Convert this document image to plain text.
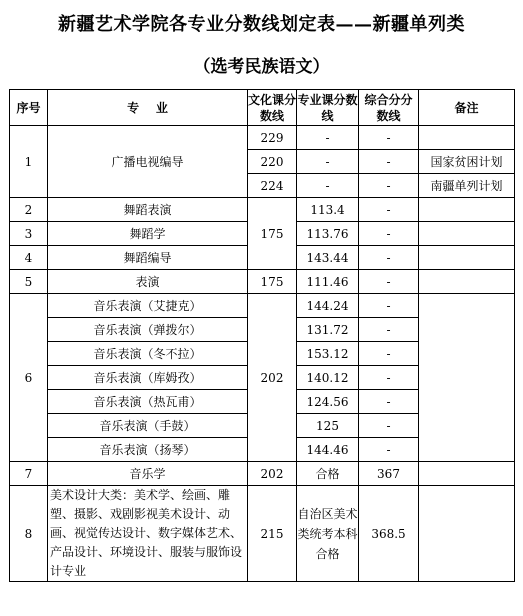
新疆艺术学院各专业分数线划定表——新疆单列类
（选考民族语文）
序号	专    业	文化课分数线	专业课分数线	综合分分数线	备注
1	广播电视编导	229	-	-	
		220	-	-	国家贫困计划
		224	-	-	南疆单列计划
2	舞蹈表演	175	113.4	-	
3	舞蹈学		113.76	-	
4	舞蹈编导		143.44	-	
5	表演	175	111.46	-	
6	音乐表演（艾捷克）	202	144.24	-	
	音乐表演（弹拨尔）		131.72	-	
	音乐表演（冬不拉）		153.12	-	
	音乐表演（库姆孜）		140.12	-	
	音乐表演（热瓦甫）		124.56	-	
	音乐表演（手鼓）		125	-	
	音乐表演（扬琴）		144.46	-	
7	音乐学	202	合格	367	
8	美术设计大类：美术学、绘画、雕塑、摄影、戏剧影视美术设计、动画、视觉传达设计、数字媒体艺术、产品设计、环境设计、服装与服饰设计专业	215	自治区美术类统考本科合格	368.5	
